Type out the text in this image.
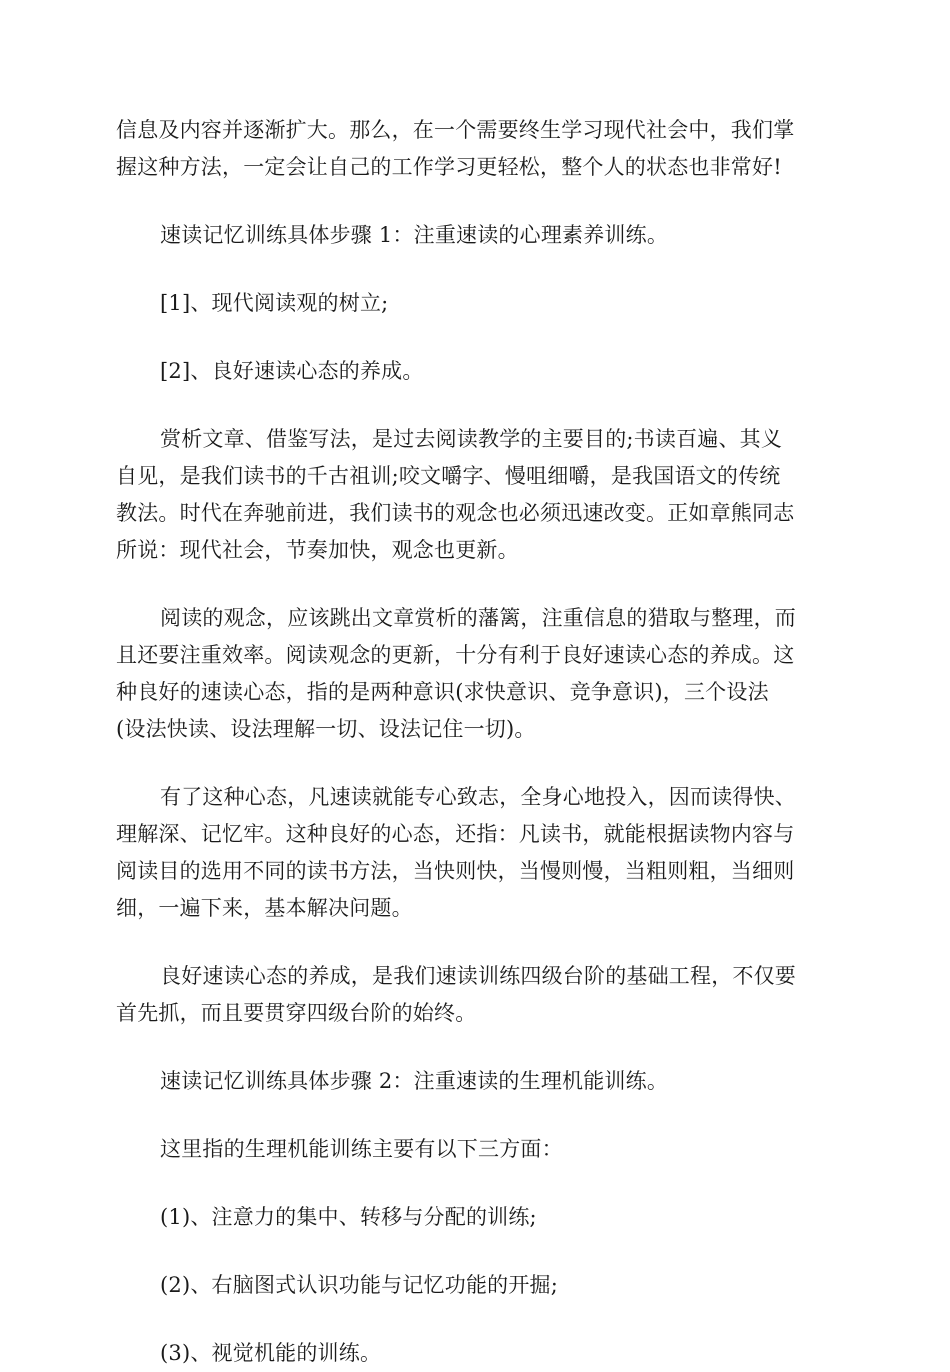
信息及内容并逐渐扩大。那么，在一个需要终生学习现代社会中，我们掌
握这种方法，一定会让自己的工作学习更轻松，整个人的状态也非常好!

速读记忆训练具体步骤 1：注重速读的心理素养训练。

[1]、现代阅读观的树立;

[2]、良好速读心态的养成。

赏析文章、借鉴写法，是过去阅读教学的主要目的;书读百遍、其义
自见，是我们读书的千古祖训;咬文嚼字、慢咀细嚼，是我国语文的传统
教法。时代在奔驰前进，我们读书的观念也必须迅速改变。正如章熊同志
所说：现代社会，节奏加快，观念也更新。

阅读的观念，应该跳出文章赏析的藩篱，注重信息的猎取与整理，而
且还要注重效率。阅读观念的更新，十分有利于良好速读心态的养成。这
种良好的速读心态，指的是两种意识(求快意识、竞争意识)，三个设法
(设法快读、设法理解一切、设法记住一切)。

有了这种心态，凡速读就能专心致志，全身心地投入，因而读得快、
理解深、记忆牢。这种良好的心态，还指：凡读书，就能根据读物内容与
阅读目的选用不同的读书方法，当快则快，当慢则慢，当粗则粗，当细则
细，一遍下来，基本解决问题。

良好速读心态的养成，是我们速读训练四级台阶的基础工程，不仅要
首先抓，而且要贯穿四级台阶的始终。

速读记忆训练具体步骤 2：注重速读的生理机能训练。

这里指的生理机能训练主要有以下三方面：

(1)、注意力的集中、转移与分配的训练;

(2)、右脑图式认识功能与记忆功能的开掘;

(3)、视觉机能的训练。
